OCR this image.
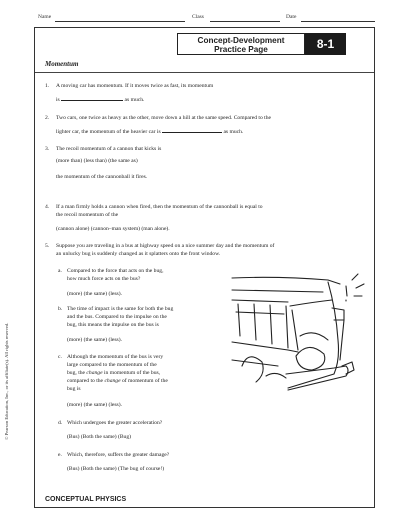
Name	Class	Date
Concept-Development
Practice Page	8-1
Momentum
1. A moving car has momentum. If it moves twice as fast, its momentum
is	as much.
2. Two cars, one twice as heavy as the other, move down a hill at the same speed. Compared to the
lighter car, the momentum of the heavier car is	as much.
3. The recoil momentum of a cannon that kicks is
(more than) (less than) (the same as)
the momentum of the cannonball it fires.
4. If a man firmly holds a cannon when fired, then the momentum of the cannonball is equal to
the recoil momentum of the
(cannon alone) (cannon–man system) (man alone).
5. Suppose you are traveling in a bus at highway speed on a nice summer day and the momentum of
an unlucky bug is suddenly changed as it splatters onto the front window.
a. Compared to the force that acts on the bug,
how much force acts on the bus?
(more) (the same) (less).
b. The time of impact is the same for both the bug
and the bus. Compared to the impulse on the
bug, this means the impulse on the bus is
(more) (the same) (less).
c. Although the momentum of the bus is very
large compared to the momentum of the
bug, the change in momentum of the bus,
compared to the change of momentum of the
bug is
(more) (the same) (less).
d. Which undergoes the greater acceleration?
(Bus) (Both the same) (Bug)
e. Which, therefore, suffers the greater damage?
(Bus) (Both the same) (The bug of course!)
© Pearson Education, Inc., or its affiliate(s). All rights reserved.
CONCEPTUAL PHYSICS
